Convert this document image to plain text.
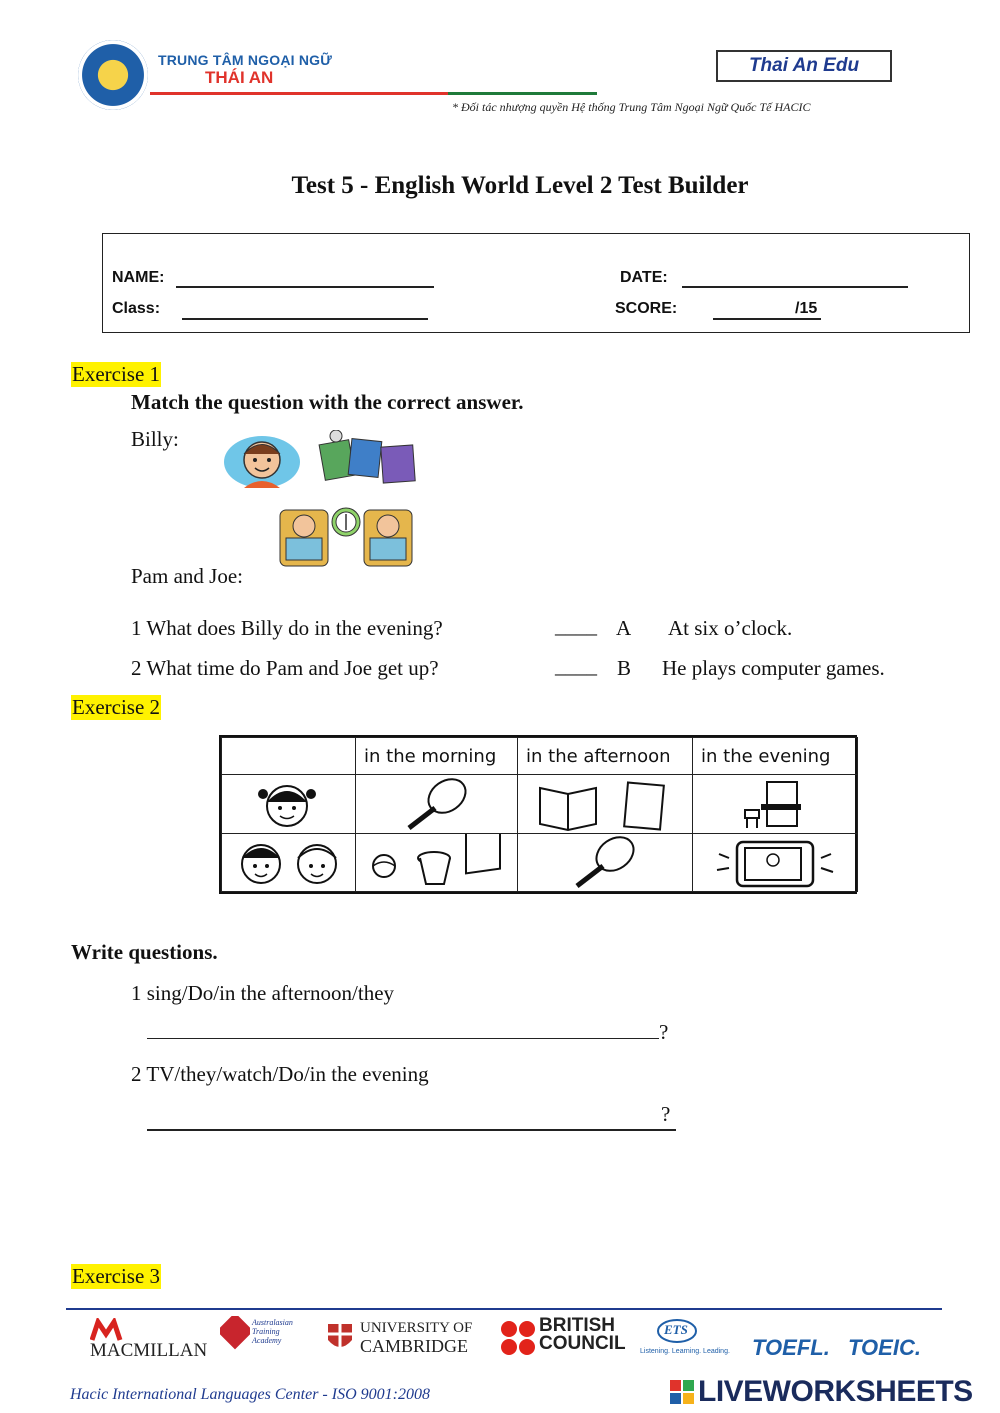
TRUNG TÂM NGOẠI NGỮ
THÁI AN
Thai An Edu
* Đối tác nhượng quyền Hệ thống Trung Tâm Ngoại Ngữ Quốc Tế HACIC
Test 5 - English World Level 2 Test Builder
NAME:
Class:
DATE:
SCORE:	/15
Exercise 1
Match the question with the correct answer.
Billy:
Pam and Joe:
1 What does Billy do in the evening?	____ A At six o’clock.
2 What time do Pam and Joe get up?	____ B He plays computer games.
Exercise 2
	in the morning	in the afternoon	in the evening

Write questions.
1 sing/Do/in the afternoon/they
?
2 TV/they/watch/Do/in the evening
?
Exercise 3
MACMILLAN
Australasian Training Academy
UNIVERSITY OF
CAMBRIDGE
BRITISH
COUNCIL
ETS
Listening. Learning. Leading. TOEFL. TOEIC.
Hacic International Languages Center - ISO 9001:2008	LIVEWORKSHEETS
